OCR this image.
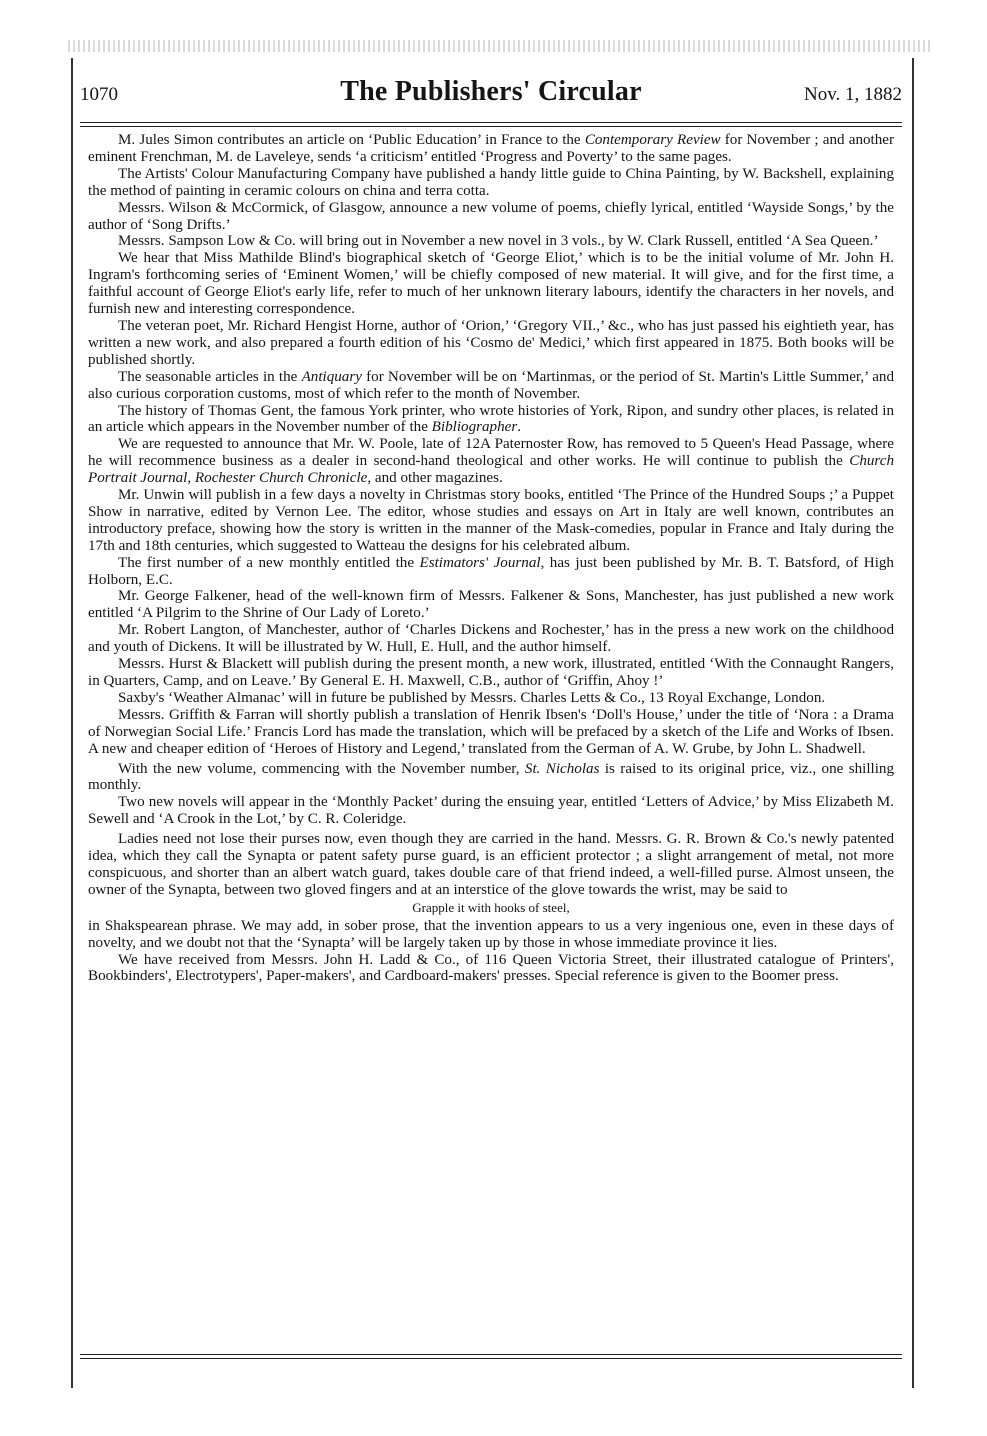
1070	The Publishers' Circular	Nov. 1, 1882

M. Jules Simon contributes an article on ‘Public Education’ in France to the Contemporary Review for November ; and another eminent Frenchman, M. de Laveleye, sends ‘a criticism’ entitled ‘Progress and Poverty’ to the same pages.

The Artists' Colour Manufacturing Company have published a handy little guide to China Painting, by W. Backshell, explaining the method of painting in ceramic colours on china and terra cotta.

Messrs. Wilson & McCormick, of Glasgow, announce a new volume of poems, chiefly lyrical, entitled ‘Wayside Songs,’ by the author of ‘Song Drifts.’

Messrs. Sampson Low & Co. will bring out in November a new novel in 3 vols., by W. Clark Russell, entitled ‘A Sea Queen.’

We hear that Miss Mathilde Blind's biographical sketch of ‘George Eliot,’ which is to be the initial volume of Mr. John H. Ingram's forthcoming series of ‘Eminent Women,’ will be chiefly composed of new material. It will give, and for the first time, a faithful account of George Eliot's early life, refer to much of her unknown literary labours, identify the characters in her novels, and furnish new and interesting correspondence.

The veteran poet, Mr. Richard Hengist Horne, author of ‘Orion,’ ‘Gregory VII.,’ &c., who has just passed his eightieth year, has written a new work, and also prepared a fourth edition of his ‘Cosmo de' Medici,’ which first appeared in 1875. Both books will be published shortly.

The seasonable articles in the Antiquary for November will be on ‘Martinmas, or the period of St. Martin's Little Summer,’ and also curious corporation customs, most of which refer to the month of November.

The history of Thomas Gent, the famous York printer, who wrote histories of York, Ripon, and sundry other places, is related in an article which appears in the November number of the Bibliographer.

We are requested to announce that Mr. W. Poole, late of 12A Paternoster Row, has removed to 5 Queen's Head Passage, where he will recommence business as a dealer in second-hand theological and other works. He will continue to publish the Church Portrait Journal, Rochester Church Chronicle, and other magazines.

Mr. Unwin will publish in a few days a novelty in Christmas story books, entitled ‘The Prince of the Hundred Soups ;’ a Puppet Show in narrative, edited by Vernon Lee. The editor, whose studies and essays on Art in Italy are well known, contributes an introductory preface, showing how the story is written in the manner of the Mask-comedies, popular in France and Italy during the 17th and 18th centuries, which suggested to Watteau the designs for his celebrated album.

The first number of a new monthly entitled the Estimators' Journal, has just been published by Mr. B. T. Batsford, of High Holborn, E.C.

Mr. George Falkener, head of the well-known firm of Messrs. Falkener & Sons, Manchester, has just published a new work entitled ‘A Pilgrim to the Shrine of Our Lady of Loreto.’

Mr. Robert Langton, of Manchester, author of ‘Charles Dickens and Rochester,’ has in the press a new work on the childhood and youth of Dickens. It will be illustrated by W. Hull, E. Hull, and the author himself.

Messrs. Hurst & Blackett will publish during the present month, a new work, illustrated, entitled ‘With the Connaught Rangers, in Quarters, Camp, and on Leave.’ By General E. H. Maxwell, C.B., author of ‘Griffin, Ahoy !’

Saxby's ‘Weather Almanac’ will in future be published by Messrs. Charles Letts & Co., 13 Royal Exchange, London.

Messrs. Griffith & Farran will shortly publish a translation of Henrik Ibsen's ‘Doll's House,’ under the title of ‘Nora : a Drama of Norwegian Social Life.’ Francis Lord has made the translation, which will be prefaced by a sketch of the Life and Works of Ibsen. A new and cheaper edition of ‘Heroes of History and Legend,’ translated from the German of A. W. Grube, by John L. Shadwell.

With the new volume, commencing with the November number, St. Nicholas is raised to its original price, viz., one shilling monthly.

Two new novels will appear in the ‘Monthly Packet’ during the ensuing year, entitled ‘Letters of Advice,’ by Miss Elizabeth M. Sewell and ‘A Crook in the Lot,’ by C. R. Coleridge.

Ladies need not lose their purses now, even though they are carried in the hand. Messrs. G. R. Brown & Co.'s newly patented idea, which they call the Synapta or patent safety purse guard, is an efficient protector ; a slight arrangement of metal, not more conspicuous, and shorter than an albert watch guard, takes double care of that friend indeed, a well-filled purse. Almost unseen, the owner of the Synapta, between two gloved fingers and at an interstice of the glove towards the wrist, may be said to

Grapple it with hooks of steel,

in Shakspearean phrase. We may add, in sober prose, that the invention appears to us a very ingenious one, even in these days of novelty, and we doubt not that the ‘Synapta’ will be largely taken up by those in whose immediate province it lies.

We have received from Messrs. John H. Ladd & Co., of 116 Queen Victoria Street, their illustrated catalogue of Printers', Bookbinders', Electrotypers', Paper-makers', and Cardboard-makers' presses. Special reference is given to the Boomer press.
